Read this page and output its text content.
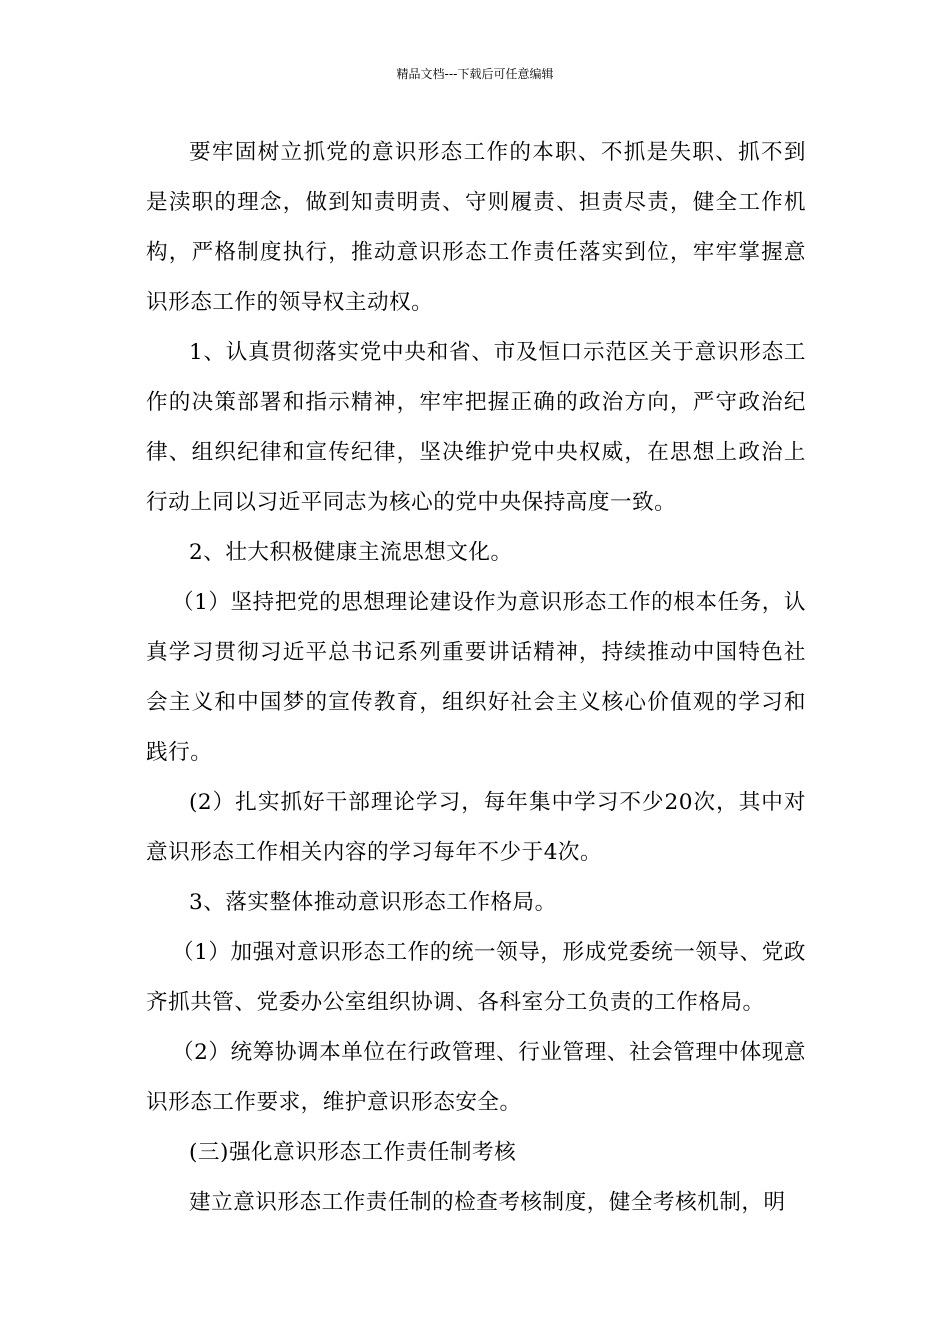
精品文档---下载后可任意编辑

要牢固树立抓党的意识形态工作的本职、不抓是失职、抓不到是渎职的理念，做到知责明责、守则履责、担责尽责，健全工作机构，严格制度执行，推动意识形态工作责任落实到位，牢牢掌握意识形态工作的领导权主动权。

1、认真贯彻落实党中央和省、市及恒口示范区关于意识形态工作的决策部署和指示精神，牢牢把握正确的政治方向，严守政治纪律、组织纪律和宣传纪律，坚决维护党中央权威，在思想上政治上行动上同以习近平同志为核心的党中央保持高度一致。

2、壮大积极健康主流思想文化。

（1）坚持把党的思想理论建设作为意识形态工作的根本任务，认真学习贯彻习近平总书记系列重要讲话精神，持续推动中国特色社会主义和中国梦的宣传教育，组织好社会主义核心价值观的学习和践行。

(2）扎实抓好干部理论学习，每年集中学习不少20次，其中对意识形态工作相关内容的学习每年不少于4次。

3、落实整体推动意识形态工作格局。

（1）加强对意识形态工作的统一领导，形成党委统一领导、党政齐抓共管、党委办公室组织协调、各科室分工负责的工作格局。

（2）统筹协调本单位在行政管理、行业管理、社会管理中体现意识形态工作要求，维护意识形态安全。

(三)强化意识形态工作责任制考核

建立意识形态工作责任制的检查考核制度，健全考核机制，明
